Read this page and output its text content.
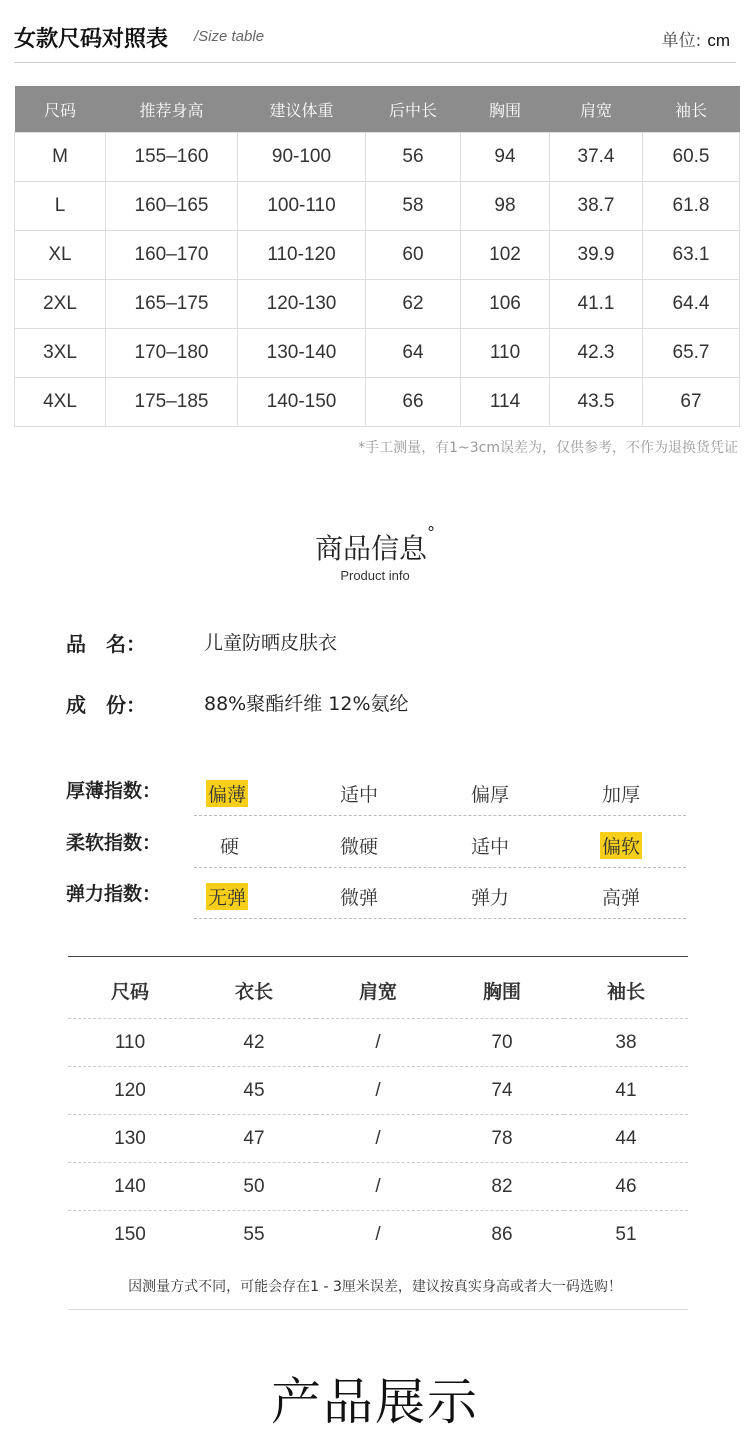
女款尺码对照表 /Size table	单位: cm
尺码	推荐身高	建议体重	后中长	胸围	肩宽	袖长
M	155–160	90-100	56	94	37.4	60.5
L	160–165	100-110	58	98	38.7	61.8
XL	160–170	110-120	60	102	39.9	63.1
2XL	165–175	120-130	62	106	41.1	64.4
3XL	170–180	130-140	64	110	42.3	65.7
4XL	175–185	140-150	66	114	43.5	67
*手工测量，有1~3cm误差为，仅供参考，不作为退换货凭证
商品信息°
Product info
品　名：	儿童防晒皮肤衣
成　份：	88%聚酯纤维 12%氨纶
厚薄指数： 偏薄	适中	偏厚	加厚
柔软指数：	硬	微硬	适中	偏软
弹力指数： 无弹	微弹	弹力	高弹
尺码	衣长	肩宽	胸围	袖长
110	42	/	70	38
120	45	/	74	41
130	47	/	78	44
140	50	/	82	46
150	55	/	86	51
因测量方式不同，可能会存在1 - 3厘米误差，建议按真实身高或者大一码选购！
产品展示
